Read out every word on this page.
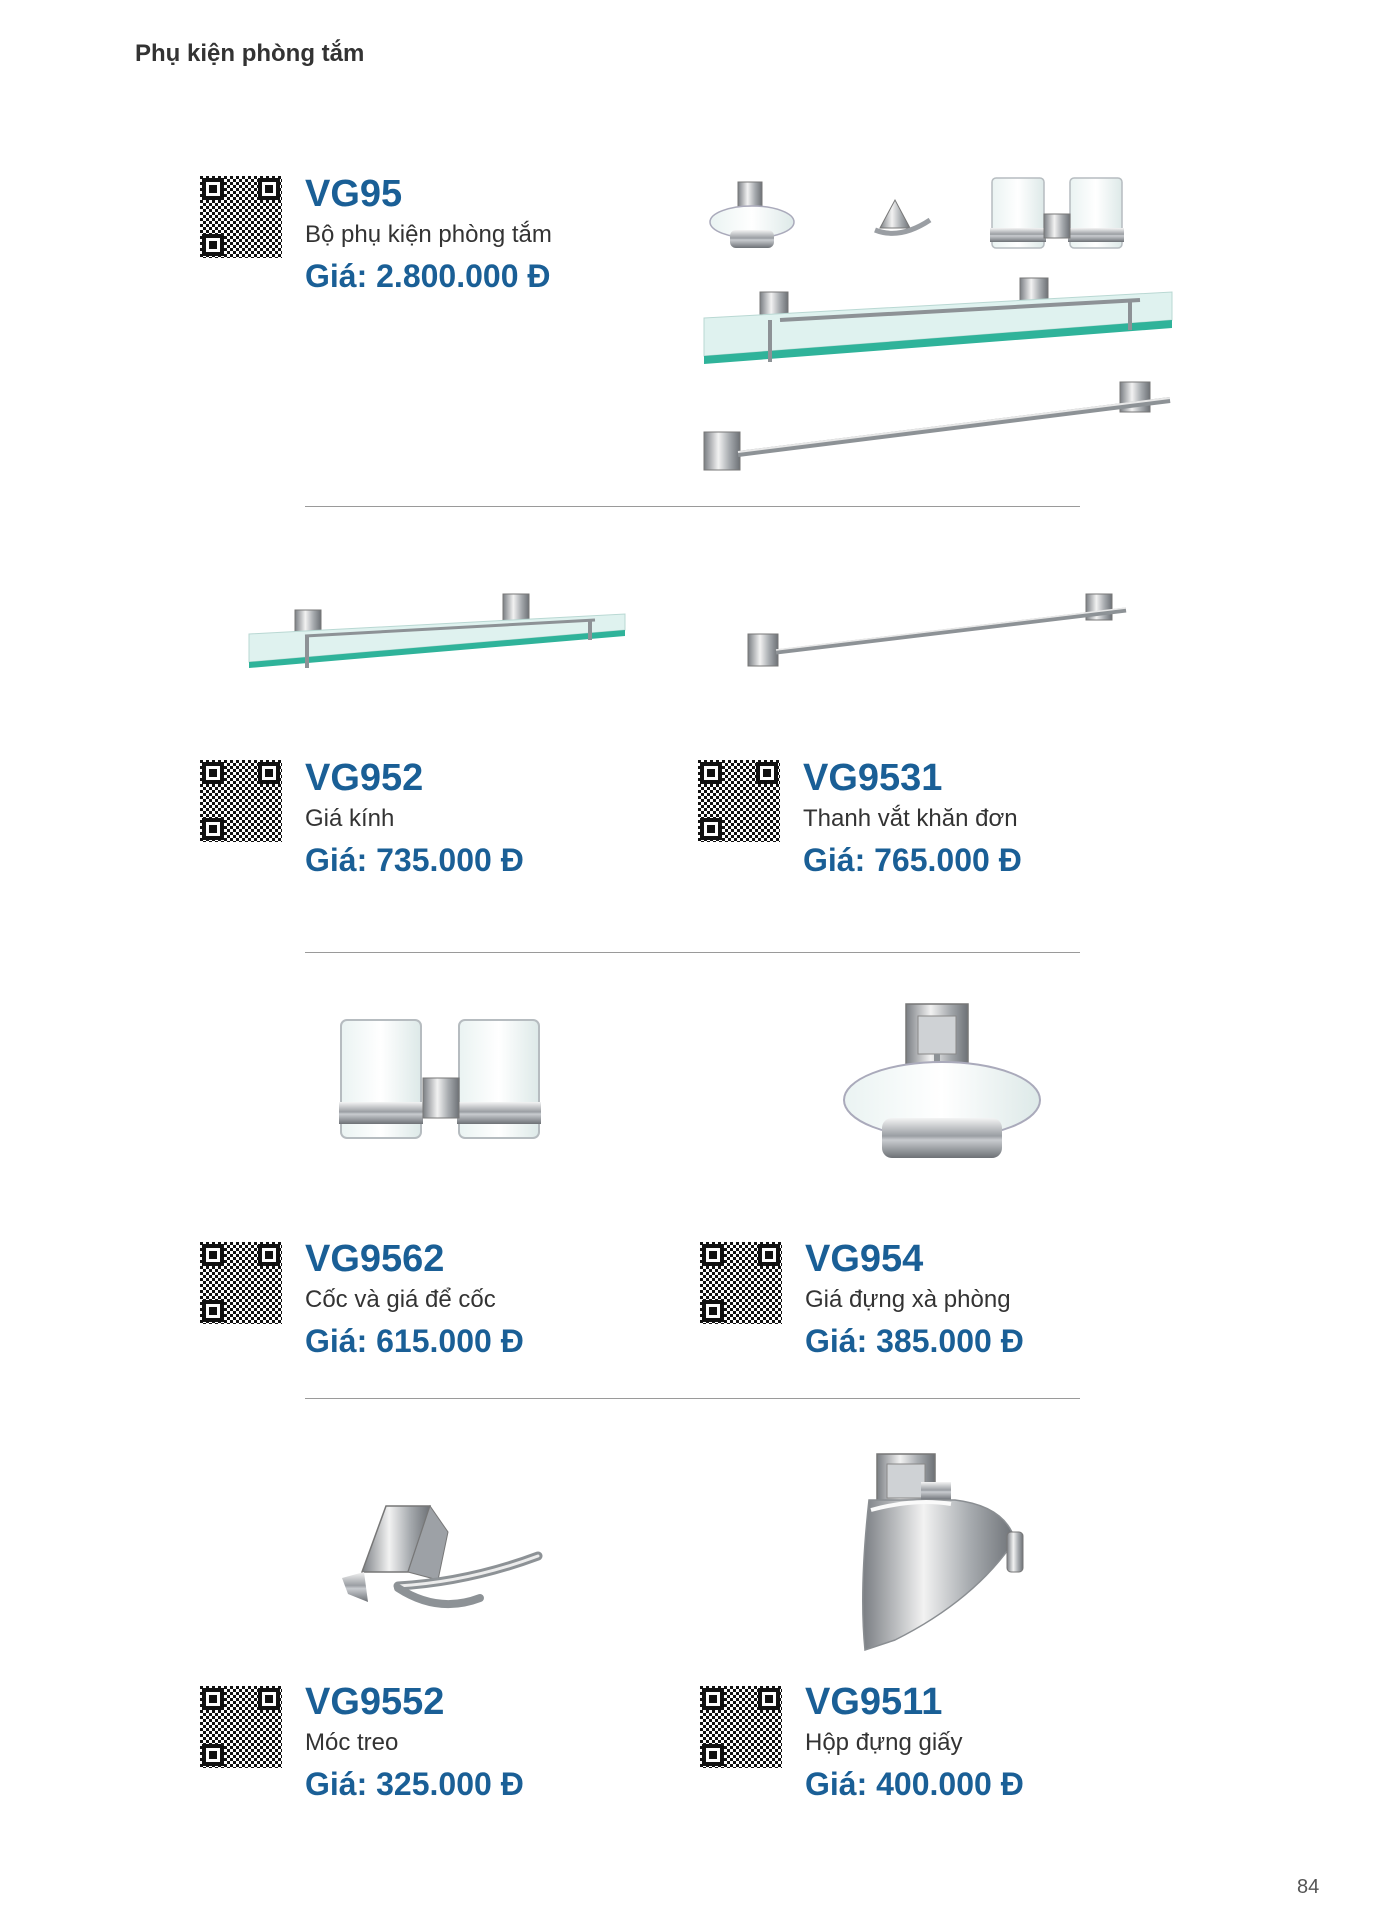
Phụ kiện phòng tắm
VG95
Bộ phụ kiện phòng tắm
Giá: 2.800.000 Đ
VG952
Giá kính
Giá: 735.000 Đ
VG9531
Thanh vắt khăn đơn
Giá: 765.000 Đ
VG9562
Cốc và giá để cốc
Giá: 615.000 Đ
VG954
Giá đựng xà phòng
Giá: 385.000 Đ
VG9552
Móc treo
Giá: 325.000 Đ
VG9511
Hộp đựng giấy
Giá: 400.000 Đ
84
